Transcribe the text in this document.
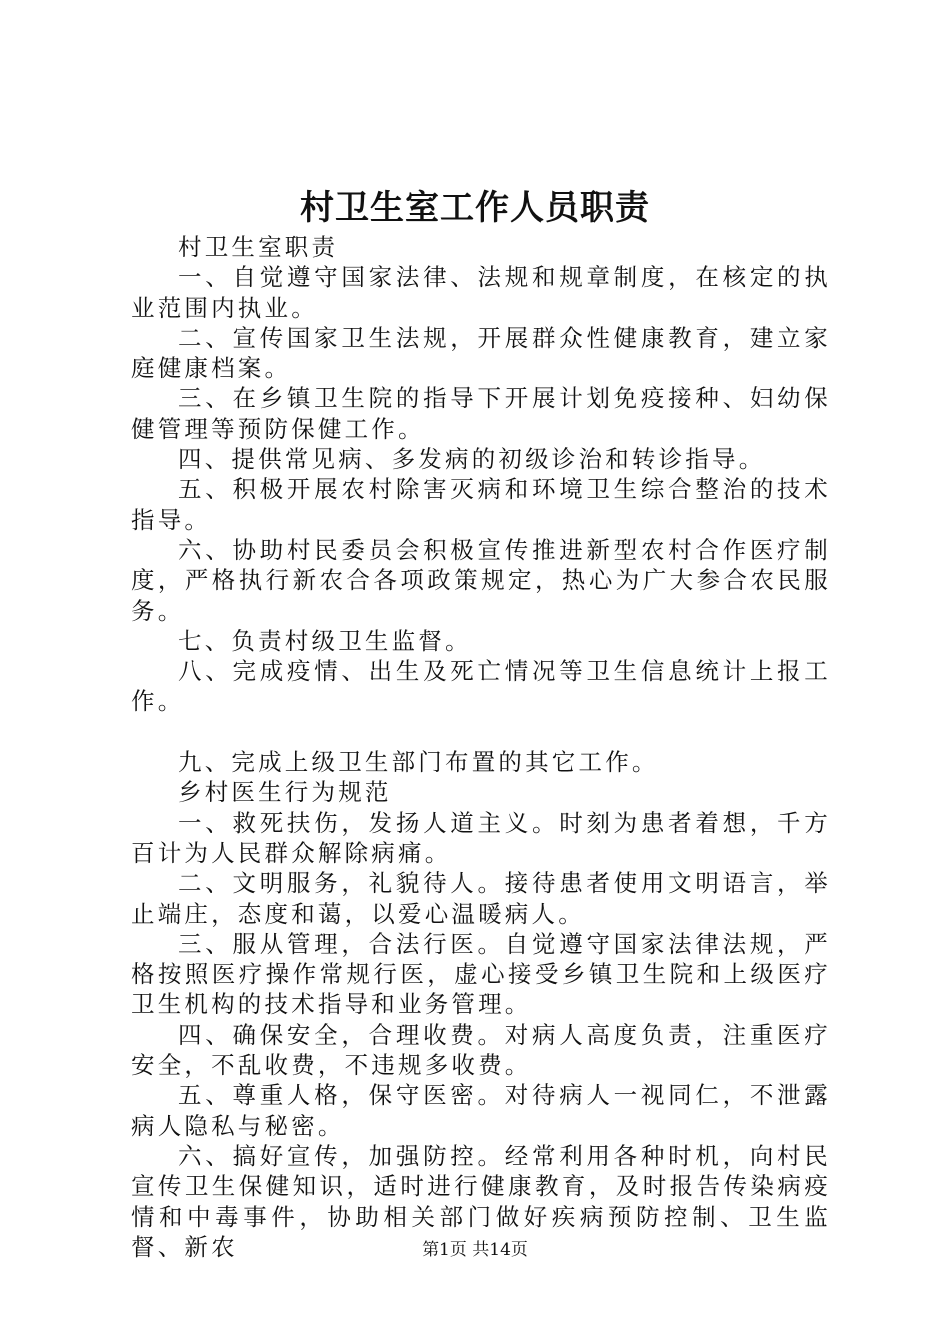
村卫生室工作人员职责

村卫生室职责

一、自觉遵守国家法律、法规和规章制度，在核定的执业范围内执业。

二、宣传国家卫生法规，开展群众性健康教育，建立家庭健康档案。

三、在乡镇卫生院的指导下开展计划免疫接种、妇幼保健管理等预防保健工作。

四、提供常见病、多发病的初级诊治和转诊指导。

五、积极开展农村除害灭病和环境卫生综合整治的技术指导。

六、协助村民委员会积极宣传推进新型农村合作医疗制度，严格执行新农合各项政策规定，热心为广大参合农民服务。

七、负责村级卫生监督。

八、完成疫情、出生及死亡情况等卫生信息统计上报工作。

九、完成上级卫生部门布置的其它工作。

乡村医生行为规范

一、救死扶伤，发扬人道主义。时刻为患者着想，千方百计为人民群众解除病痛。

二、文明服务，礼貌待人。接待患者使用文明语言，举止端庄，态度和蔼，以爱心温暖病人。

三、服从管理，合法行医。自觉遵守国家法律法规，严格按照医疗操作常规行医，虚心接受乡镇卫生院和上级医疗卫生机构的技术指导和业务管理。

四、确保安全，合理收费。对病人高度负责，注重医疗安全，不乱收费，不违规多收费。

五、尊重人格，保守医密。对待病人一视同仁，不泄露病人隐私与秘密。

六、搞好宣传，加强防控。经常利用各种时机，向村民宣传卫生保健知识，适时进行健康教育，及时报告传染病疫情和中毒事件，协助相关部门做好疾病预防控制、卫生监督、新农	第1页 共14页
